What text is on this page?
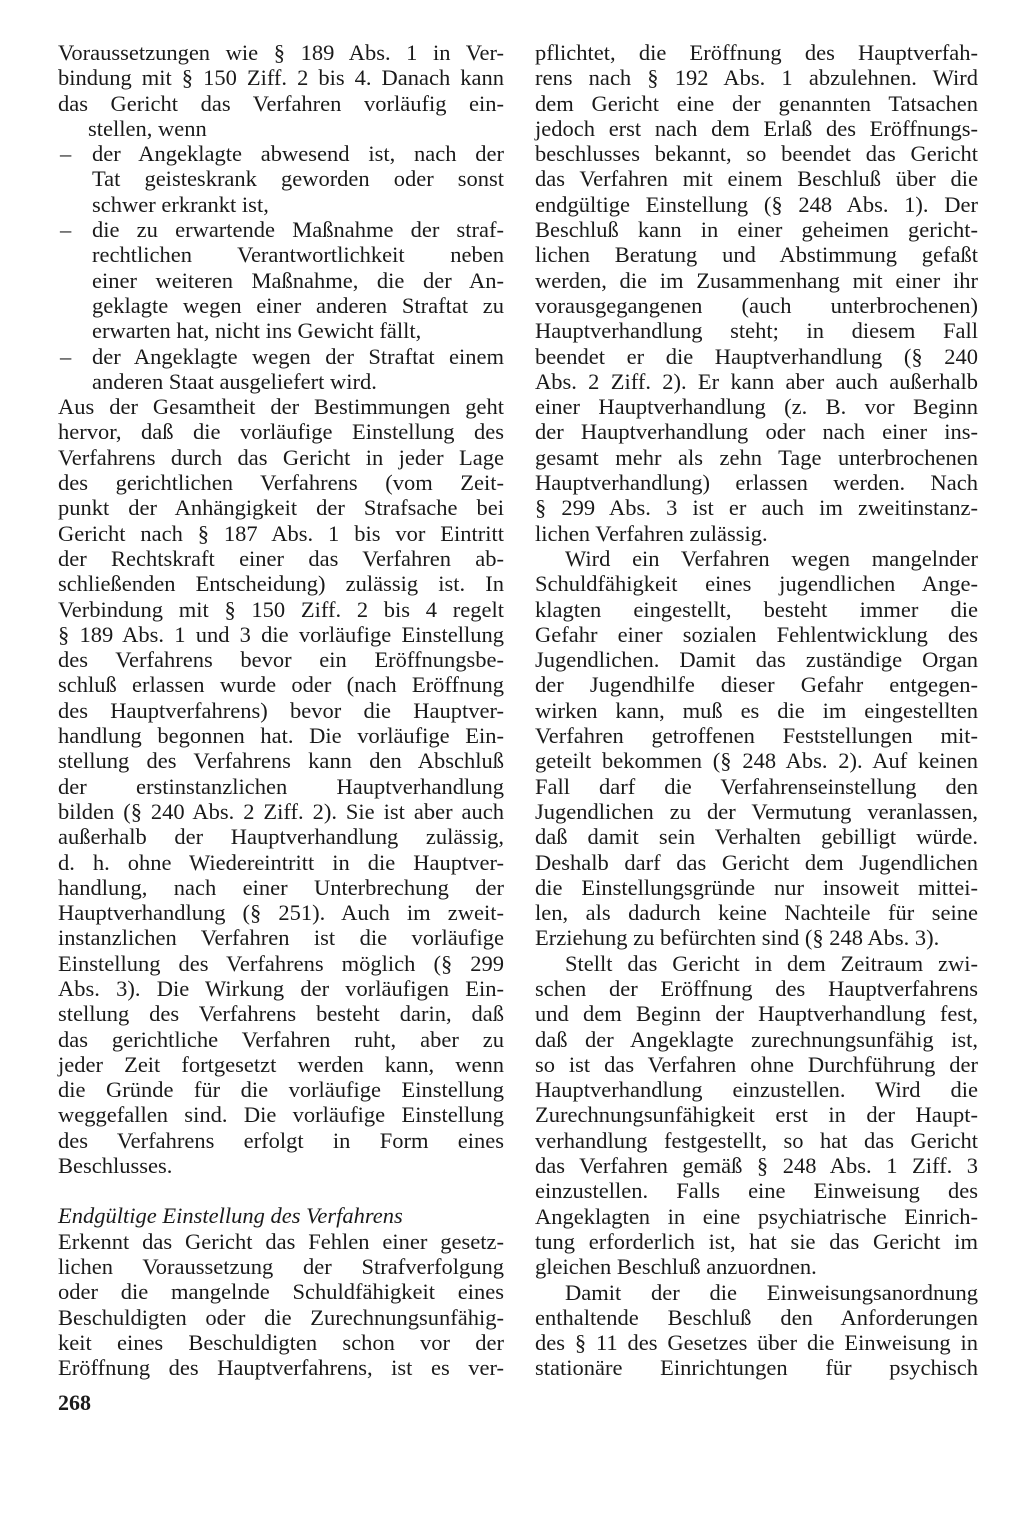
Voraussetzungen wie § 189 Abs. 1 in Ver-
bindung mit § 150 Ziff. 2 bis 4. Danach kann
das Gericht das Verfahren vorläufig ein-
stellen, wenn
– der Angeklagte abwesend ist, nach der
Tat geisteskrank geworden oder sonst
schwer erkrankt ist,
– die zu erwartende Maßnahme der straf-
rechtlichen Verantwortlichkeit neben
einer weiteren Maßnahme, die der An-
geklagte wegen einer anderen Straftat zu
erwarten hat, nicht ins Gewicht fällt,
– der Angeklagte wegen der Straftat einem
anderen Staat ausgeliefert wird.
Aus der Gesamtheit der Bestimmungen geht
hervor, daß die vorläufige Einstellung des
Verfahrens durch das Gericht in jeder Lage
des gerichtlichen Verfahrens (vom Zeit-
punkt der Anhängigkeit der Strafsache bei
Gericht nach § 187 Abs. 1 bis vor Eintritt
der Rechtskraft einer das Verfahren ab-
schließenden Entscheidung) zulässig ist. In
Verbindung mit § 150 Ziff. 2 bis 4 regelt
§ 189 Abs. 1 und 3 die vorläufige Einstellung
des Verfahrens bevor ein Eröffnungsbe-
schluß erlassen wurde oder (nach Eröffnung
des Hauptverfahrens) bevor die Hauptver-
handlung begonnen hat. Die vorläufige Ein-
stellung des Verfahrens kann den Abschluß
der erstinstanzlichen Hauptverhandlung
bilden (§ 240 Abs. 2 Ziff. 2). Sie ist aber auch
außerhalb der Hauptverhandlung zulässig,
d. h. ohne Wiedereintritt in die Hauptver-
handlung, nach einer Unterbrechung der
Hauptverhandlung (§ 251). Auch im zweit-
instanzlichen Verfahren ist die vorläufige
Einstellung des Verfahrens möglich (§ 299
Abs. 3). Die Wirkung der vorläufigen Ein-
stellung des Verfahrens besteht darin, daß
das gerichtliche Verfahren ruht, aber zu
jeder Zeit fortgesetzt werden kann, wenn
die Gründe für die vorläufige Einstellung
weggefallen sind. Die vorläufige Einstellung
des Verfahrens erfolgt in Form eines
Beschlusses.
Endgültige Einstellung des Verfahrens
Erkennt das Gericht das Fehlen einer gesetz-
lichen Voraussetzung der Strafverfolgung
oder die mangelnde Schuldfähigkeit eines
Beschuldigten oder die Zurechnungsunfähig-
keit eines Beschuldigten schon vor der
Eröffnung des Hauptverfahrens, ist es ver-
pflichtet, die Eröffnung des Hauptverfah-
rens nach § 192 Abs. 1 abzulehnen. Wird
dem Gericht eine der genannten Tatsachen
jedoch erst nach dem Erlaß des Eröffnungs-
beschlusses bekannt, so beendet das Gericht
das Verfahren mit einem Beschluß über die
endgültige Einstellung (§ 248 Abs. 1). Der
Beschluß kann in einer geheimen gericht-
lichen Beratung und Abstimmung gefaßt
werden, die im Zusammenhang mit einer ihr
vorausgegangenen (auch unterbrochenen)
Hauptverhandlung steht; in diesem Fall
beendet er die Hauptverhandlung (§ 240
Abs. 2 Ziff. 2). Er kann aber auch außerhalb
einer Hauptverhandlung (z. B. vor Beginn
der Hauptverhandlung oder nach einer ins-
gesamt mehr als zehn Tage unterbrochenen
Hauptverhandlung) erlassen werden. Nach
§ 299 Abs. 3 ist er auch im zweitinstanz-
lichen Verfahren zulässig.
Wird ein Verfahren wegen mangelnder
Schuldfähigkeit eines jugendlichen Ange-
klagten eingestellt, besteht immer die
Gefahr einer sozialen Fehlentwicklung des
Jugendlichen. Damit das zuständige Organ
der Jugendhilfe dieser Gefahr entgegen-
wirken kann, muß es die im eingestellten
Verfahren getroffenen Feststellungen mit-
geteilt bekommen (§ 248 Abs. 2). Auf keinen
Fall darf die Verfahrenseinstellung den
Jugendlichen zu der Vermutung veranlassen,
daß damit sein Verhalten gebilligt würde.
Deshalb darf das Gericht dem Jugendlichen
die Einstellungsgründe nur insoweit mittei-
len, als dadurch keine Nachteile für seine
Erziehung zu befürchten sind (§ 248 Abs. 3).
Stellt das Gericht in dem Zeitraum zwi-
schen der Eröffnung des Hauptverfahrens
und dem Beginn der Hauptverhandlung fest,
daß der Angeklagte zurechnungsunfähig ist,
so ist das Verfahren ohne Durchführung der
Hauptverhandlung einzustellen. Wird die
Zurechnungsunfähigkeit erst in der Haupt-
verhandlung festgestellt, so hat das Gericht
das Verfahren gemäß § 248 Abs. 1 Ziff. 3
einzustellen. Falls eine Einweisung des
Angeklagten in eine psychiatrische Einrich-
tung erforderlich ist, hat sie das Gericht im
gleichen Beschluß anzuordnen.
Damit der die Einweisungsanordnung
enthaltende Beschluß den Anforderungen
des § 11 des Gesetzes über die Einweisung in
stationäre Einrichtungen für psychisch
268
